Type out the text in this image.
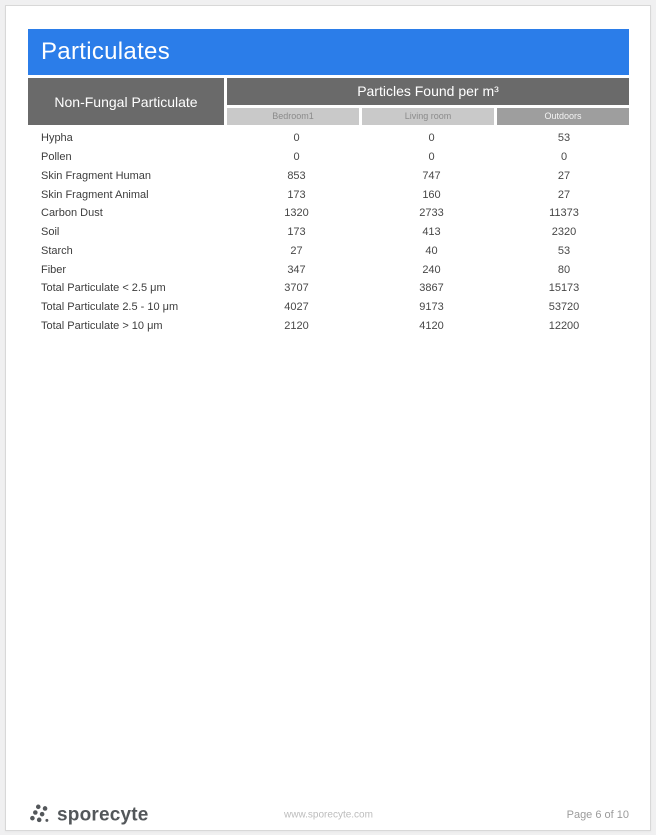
Particulates
Non-Fungal Particulate
Particles Found per m³
Bedroom1	Living room	Outdoors
Hypha	0	0	53
Pollen	0	0	0
Skin Fragment Human	853	747	27
Skin Fragment Animal	173	160	27
Carbon Dust	1320	2733	11373
Soil	173	413	2320
Starch	27	40	53
Fiber	347	240	80
Total Particulate < 2.5 μm	3707	3867	15173
Total Particulate 2.5 - 10 μm	4027	9173	53720
Total Particulate > 10 μm	2120	4120	12200
sporecyte	www.sporecyte.com	Page 6 of 10
